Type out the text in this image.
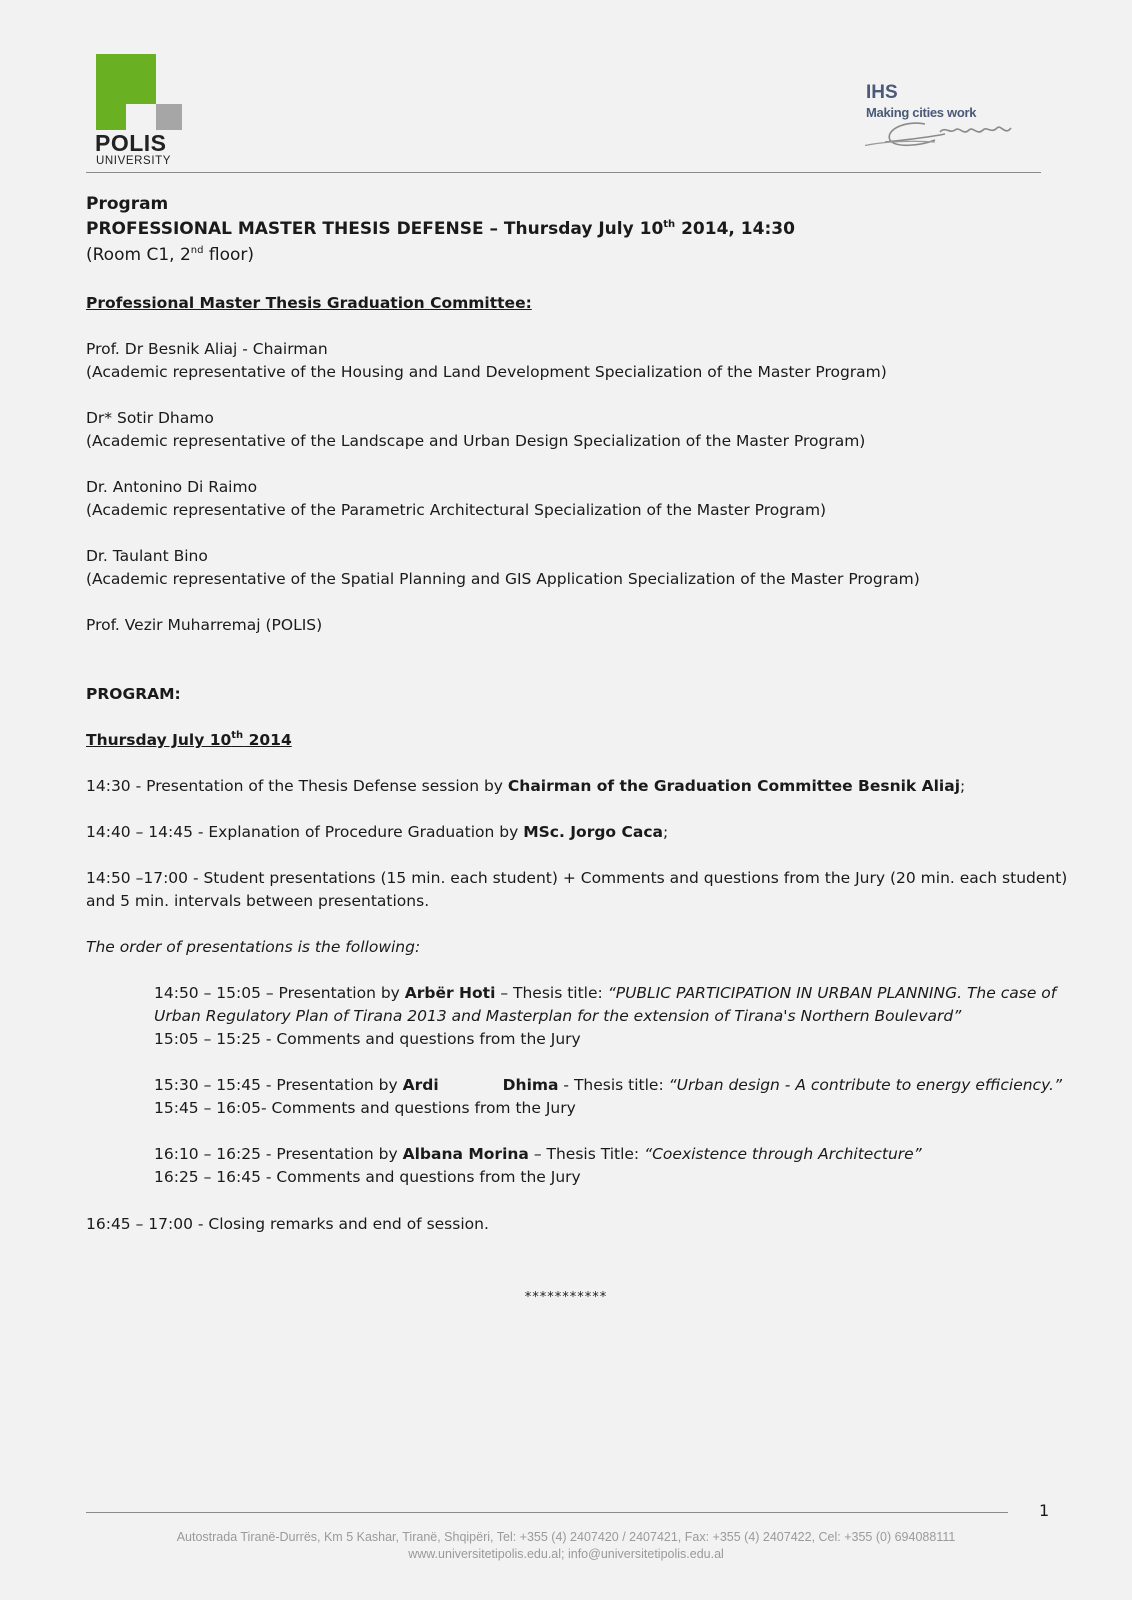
POLIS
UNIVERSITY
IHS
Making cities work
Program
PROFESSIONAL MASTER THESIS DEFENSE – Thursday July 10th 2014, 14:30
(Room C1, 2nd floor)
Professional Master Thesis Graduation Committee:
Prof. Dr Besnik Aliaj - Chairman
(Academic representative of the Housing and Land Development Specialization of the Master Program)
Dr* Sotir Dhamo
(Academic representative of the Landscape and Urban Design Specialization of the Master Program)
Dr. Antonino Di Raimo
(Academic representative of the Parametric Architectural Specialization of the Master Program)
Dr. Taulant Bino
(Academic representative of the Spatial Planning and GIS Application Specialization of the Master Program)
Prof. Vezir Muharremaj (POLIS)
PROGRAM:
Thursday July 10th 2014
14:30 - Presentation of the Thesis Defense session by Chairman of the Graduation Committee Besnik Aliaj;
14:40 – 14:45 - Explanation of Procedure Graduation by MSc. Jorgo Caca;
14:50 –17:00 - Student presentations (15 min. each student) + Comments and questions from the Jury (20 min. each student)
and 5 min. intervals between presentations.
The order of presentations is the following:
14:50 – 15:05 – Presentation by Arbër Hoti – Thesis title: “PUBLIC PARTICIPATION IN URBAN PLANNING. The case of
Urban Regulatory Plan of Tirana 2013 and Masterplan for the extension of Tirana's Northern Boulevard”
15:05 – 15:25 - Comments and questions from the Jury
15:30 – 15:45 - Presentation by Ardi	Dhima - Thesis title: “Urban design - A contribute to energy efficiency.”
15:45 – 16:05- Comments and questions from the Jury
16:10 – 16:25 - Presentation by Albana Morina – Thesis Title: “Coexistence through Architecture”
16:25 – 16:45 - Comments and questions from the Jury
16:45 – 17:00 - Closing remarks and end of session.
***********
1
Autostrada Tiranë-Durrës, Km 5 Kashar, Tiranë, Shqipëri, Tel: +355 (4) 2407420 / 2407421, Fax: +355 (4) 2407422, Cel: +355 (0) 694088111
www.universitetipolis.edu.al; info@universitetipolis.edu.al
